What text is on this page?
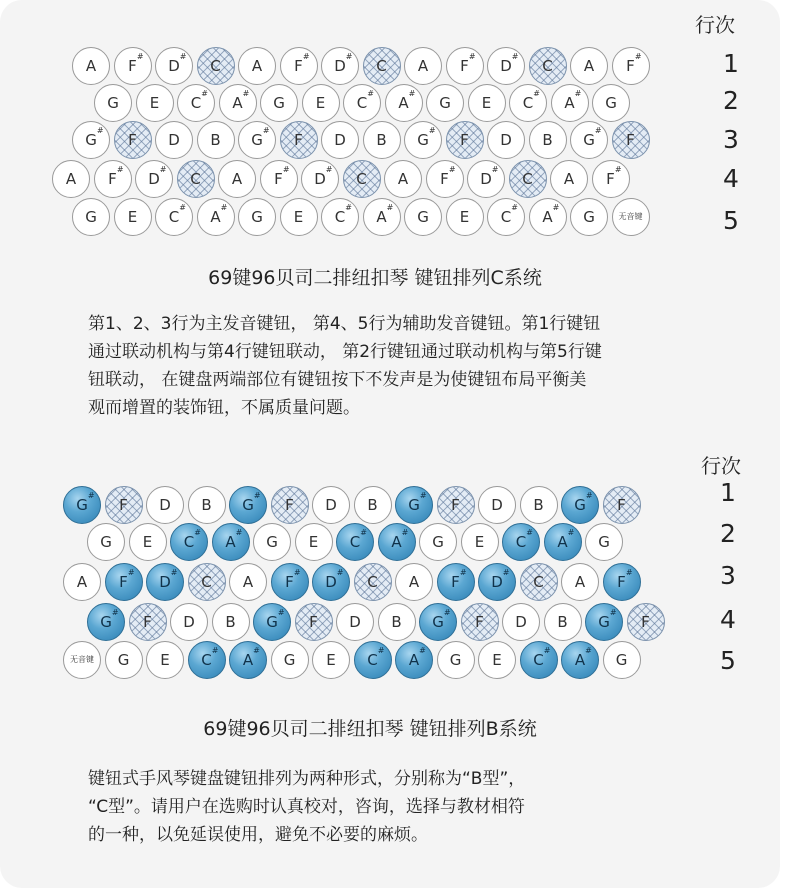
行次
1
2
3
4
5
A F
#
D
#
C A F
#
D
#
C A F
#
D
#
C A F
#
G E C
#
A
#
G E C
#
A
#
G E C
#
A
#
G
G
#
F D B G
#
F D B G
#
F D B G
#
F
A F
#
D
#
C A F
#
D
#
C A F
#
D
#
C A F
#
G E C
#
A
#
G E C
#
A
#
G E C
#
A
#
G	无音键
69键96贝司二排纽扣琴 键钮排列C系统
第1、2、3行为主发音键钮， 第4、5行为辅助发音键钮。第1行键钮
通过联动机构与第4行键钮联动， 第2行键钮通过联动机构与第5行键
钮联动， 在键盘两端部位有键钮按下不发声是为使键钮布局平衡美
观而增置的装饰钮，不属质量问题。
行次
1
2
3
4
5
G
#
F D B G
#
F D B G
#
F D B G
#
F
G E C
#
A
#
G E C
#
A
#
G E C
#
A
#
G
A F
#
D
#
C A F
#
D
#
C A F
#
D
#
C A F
#
G
#
F D B G
#
F D B G
#
F D B G
#
F
无音键 G E C
#
A
#
G E C
#
A
#
G E C
#
A
#
G
69键96贝司二排纽扣琴 键钮排列B系统
键钮式手风琴键盘键钮排列为两种形式，分别称为“B型”，
“C型”。请用户在选购时认真校对，咨询，选择与教材相符
的一种，以免延误使用，避免不必要的麻烦。
